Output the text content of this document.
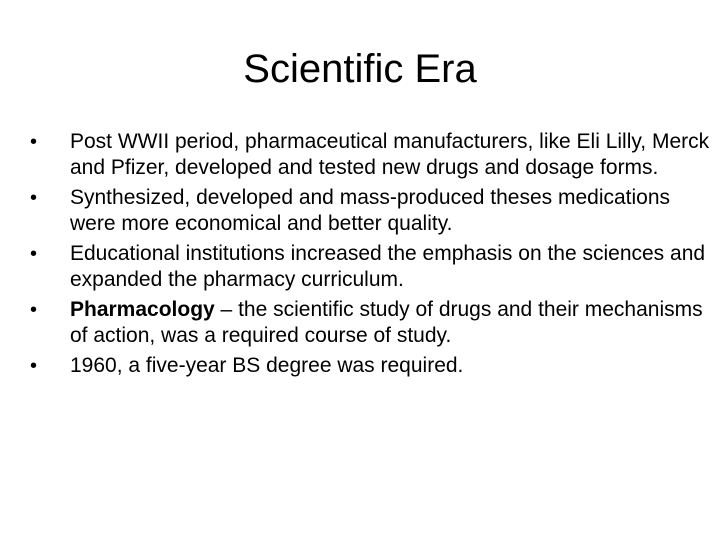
Scientific Era
•	Post WWII period, pharmaceutical manufacturers, like Eli Lilly, Merck and Pfizer, developed and tested new drugs and dosage forms.
•	Synthesized, developed and mass-produced theses medications were more economical and better quality.
•	Educational institutions increased the emphasis on the sciences and expanded the pharmacy curriculum.
•	Pharmacology – the scientific study of drugs and their mechanisms of action, was a required course of study.
•	1960, a five-year BS degree was required.
